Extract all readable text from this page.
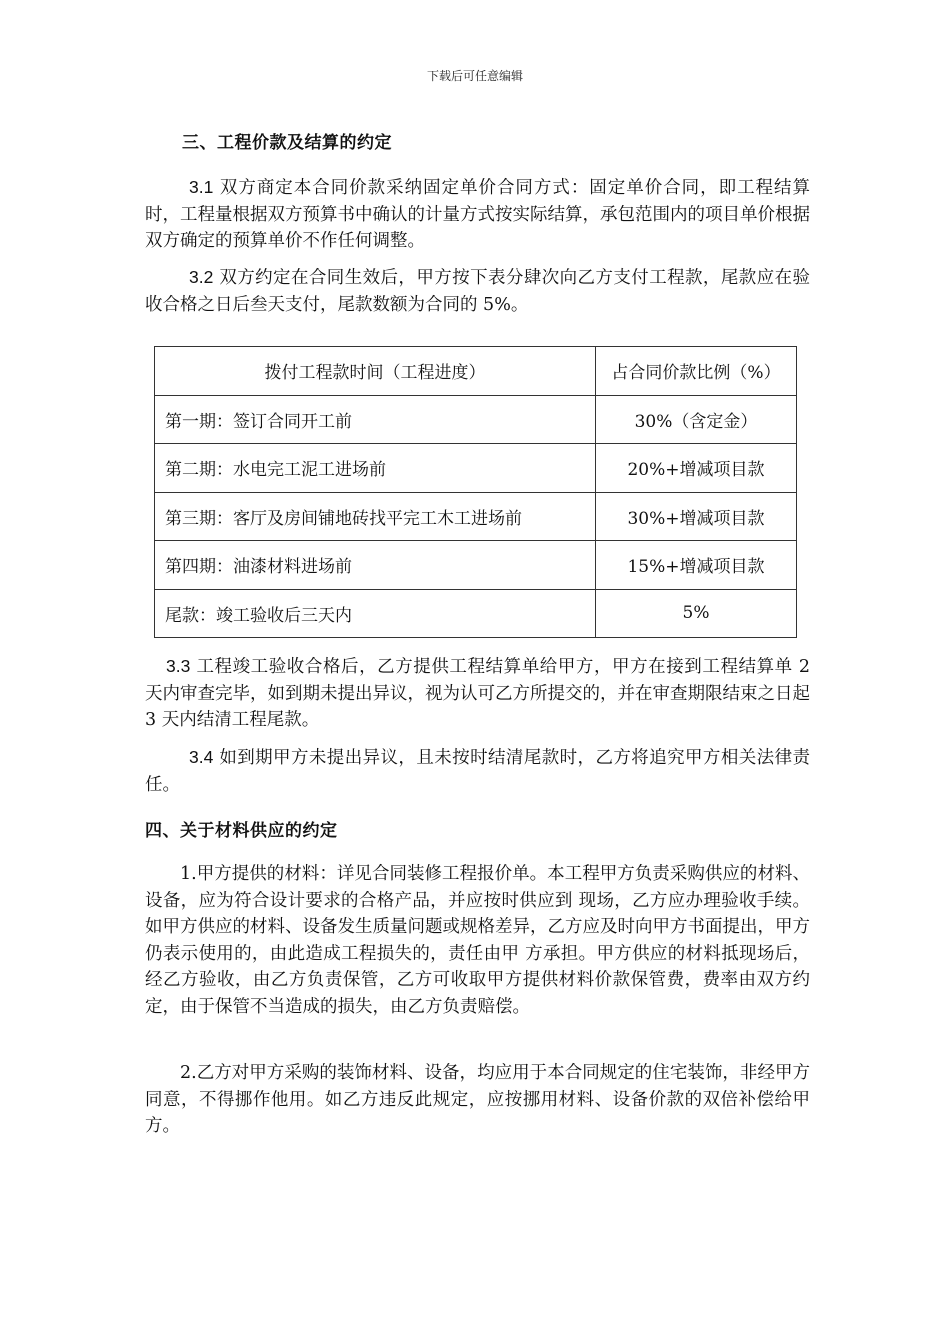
下载后可任意编辑
三、工程价款及结算的约定
3.1 双方商定本合同价款采纳固定单价合同方式：固定单价合同，即工程结算时，工程量根据双方预算书中确认的计量方式按实际结算，承包范围内的项目单价根据双方确定的预算单价不作任何调整。
3.2 双方约定在合同生效后，甲方按下表分肆次向乙方支付工程款，尾款应在验收合格之日后叁天支付，尾款数额为合同的 5%。
拨付工程款时间（工程进度）	占合同价款比例（%）
第一期：签订合同开工前	30%（含定金）
第二期：水电完工泥工进场前	20%+增减项目款
第三期：客厅及房间铺地砖找平完工木工进场前	30%+增减项目款
第四期：油漆材料进场前	15%+增减项目款
尾款：竣工验收后三天内	5%
3.3 工程竣工验收合格后，乙方提供工程结算单给甲方，甲方在接到工程结算单 2 天内审查完毕，如到期未提出异议，视为认可乙方所提交的，并在审查期限结束之日起 3 天内结清工程尾款。
3.4 如到期甲方未提出异议，且未按时结清尾款时，乙方将追究甲方相关法律责任。
四、关于材料供应的约定
1.甲方提供的材料：详见合同装修工程报价单。本工程甲方负责采购供应的材料、设备，应为符合设计要求的合格产品，并应按时供应到 现场，乙方应办理验收手续。如甲方供应的材料、设备发生质量问题或规格差异，乙方应及时向甲方书面提出，甲方仍表示使用的，由此造成工程损失的，责任由甲 方承担。甲方供应的材料抵现场后，经乙方验收，由乙方负责保管，乙方可收取甲方提供材料价款保管费，费率由双方约定，由于保管不当造成的损失，由乙方负责赔偿。
2.乙方对甲方采购的装饰材料、设备，均应用于本合同规定的住宅装饰，非经甲方同意，不得挪作他用。如乙方违反此规定，应按挪用材料、设备价款的双倍补偿给甲方。
